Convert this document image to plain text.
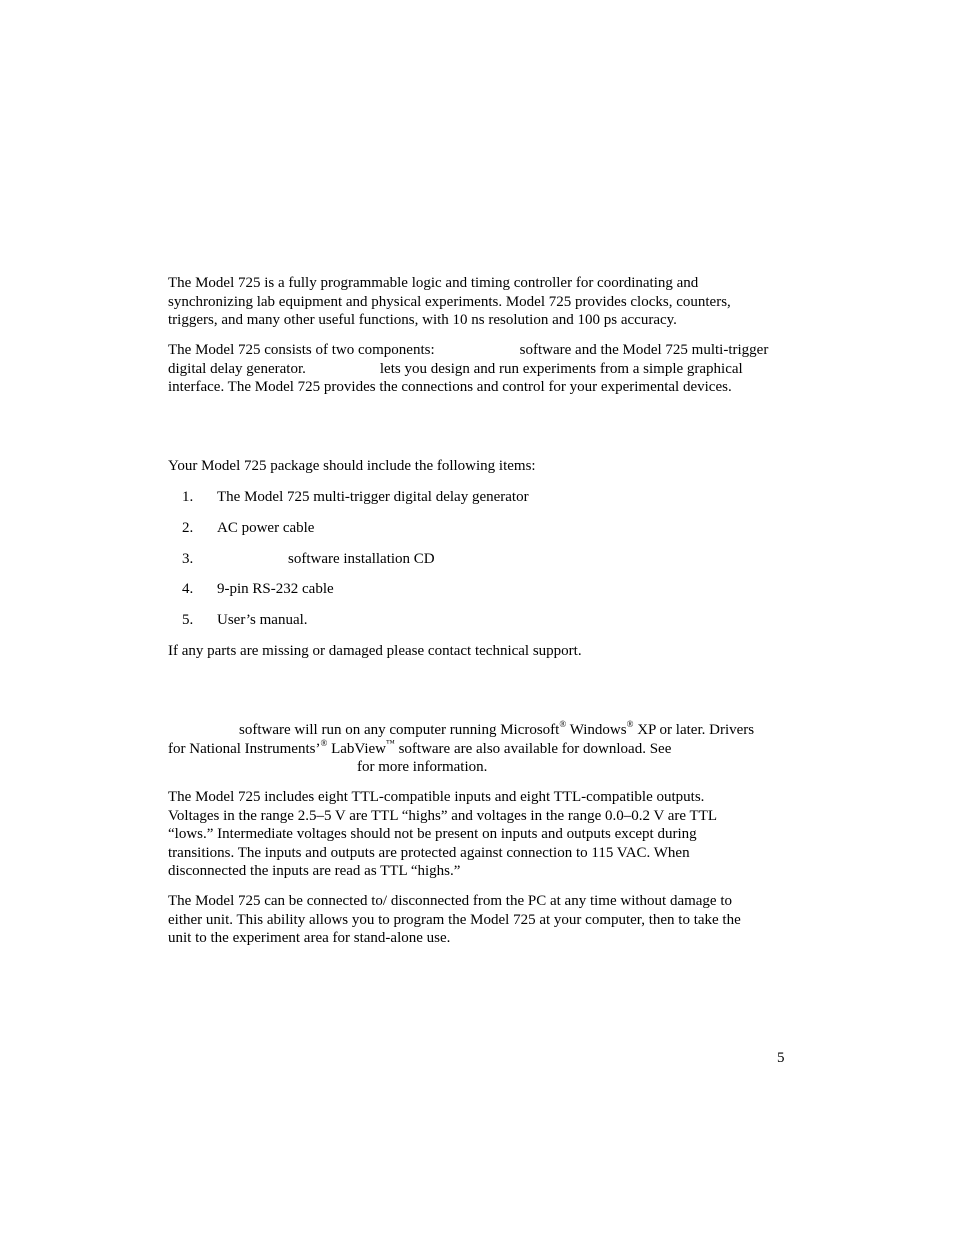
The Model 725 is a fully programmable logic and timing controller for coordinating and
synchronizing lab equipment and physical experiments. Model 725 provides clocks, counters,
triggers, and many other useful functions, with 10 ns resolution and 100 ps accuracy.

The Model 725 consists of two components:	software and the Model 725 multi-trigger
digital delay generator.	lets you design and run experiments from a simple graphical
interface. The Model 725 provides the connections and control for your experimental devices.

Your Model 725 package should include the following items:

1. The Model 725 multi-trigger digital delay generator
2. AC power cable
3.	software installation CD
4. 9-pin RS-232 cable
5. User’s manual.

If any parts are missing or damaged please contact technical support.

software will run on any computer running Microsoft® Windows® XP or later. Drivers
for National Instruments’® LabView™ software are also available for download. See
for more information.

The Model 725 includes eight TTL-compatible inputs and eight TTL-compatible outputs.
Voltages in the range 2.5–5 V are TTL “highs” and voltages in the range 0.0–0.2 V are TTL
“lows.” Intermediate voltages should not be present on inputs and outputs except during
transitions. The inputs and outputs are protected against connection to 115 VAC. When
disconnected the inputs are read as TTL “highs.”

The Model 725 can be connected to/ disconnected from the PC at any time without damage to
either unit. This ability allows you to program the Model 725 at your computer, then to take the
unit to the experiment area for stand-alone use.

5
